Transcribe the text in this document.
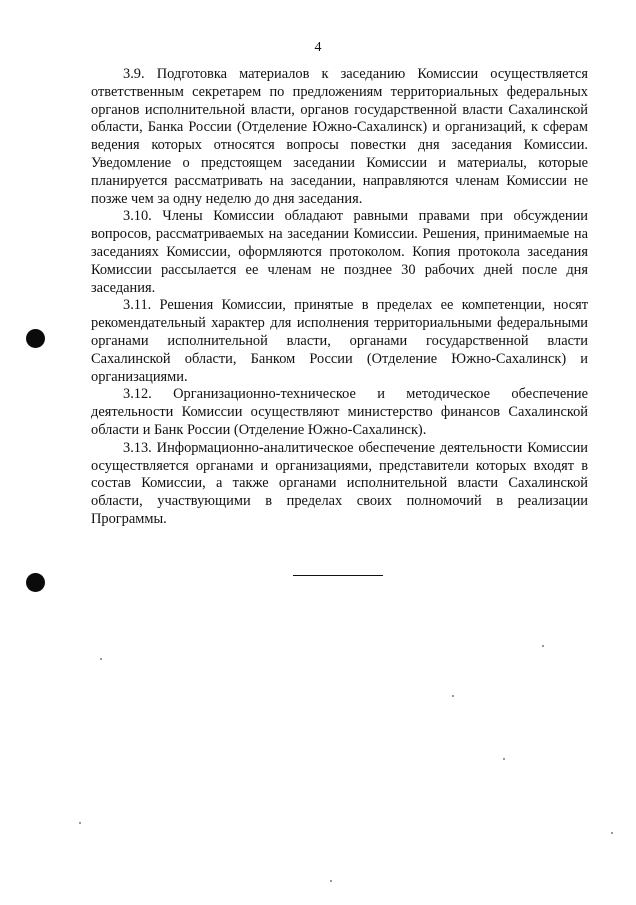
4

3.9. Подготовка материалов к заседанию Комиссии осуществляется ответственным секретарем по предложениям территориальных федеральных органов исполнительной власти, органов государственной власти Сахалинской области, Банка России (Отделение Южно-Сахалинск) и организаций, к сферам ведения которых относятся вопросы повестки дня заседания Комиссии. Уведомление о предстоящем заседании Комиссии и материалы, которые планируется рассматривать на заседании, направляются членам Комиссии не позже чем за одну неделю до дня заседания.

3.10. Члены Комиссии обладают равными правами при обсуждении вопросов, рассматриваемых на заседании Комиссии. Решения, принимаемые на заседаниях Комиссии, оформляются протоколом. Копия протокола заседания Комиссии рассылается ее членам не позднее 30 рабочих дней после дня заседания.

3.11. Решения Комиссии, принятые в пределах ее компетенции, носят рекомендательный характер для исполнения территориальными федеральными органами исполнительной власти, органами государственной власти Сахалинской области, Банком России (Отделение Южно-Сахалинск) и организациями.

3.12. Организационно-техническое и методическое обеспечение деятельности Комиссии осуществляют министерство финансов Сахалинской области и Банк России (Отделение Южно-Сахалинск).

3.13. Информационно-аналитическое обеспечение деятельности Комиссии осуществляется органами и организациями, представители которых входят в состав Комиссии, а также органами исполнительной власти Сахалинской области, участвующими в пределах своих полномочий в реализации Программы.
